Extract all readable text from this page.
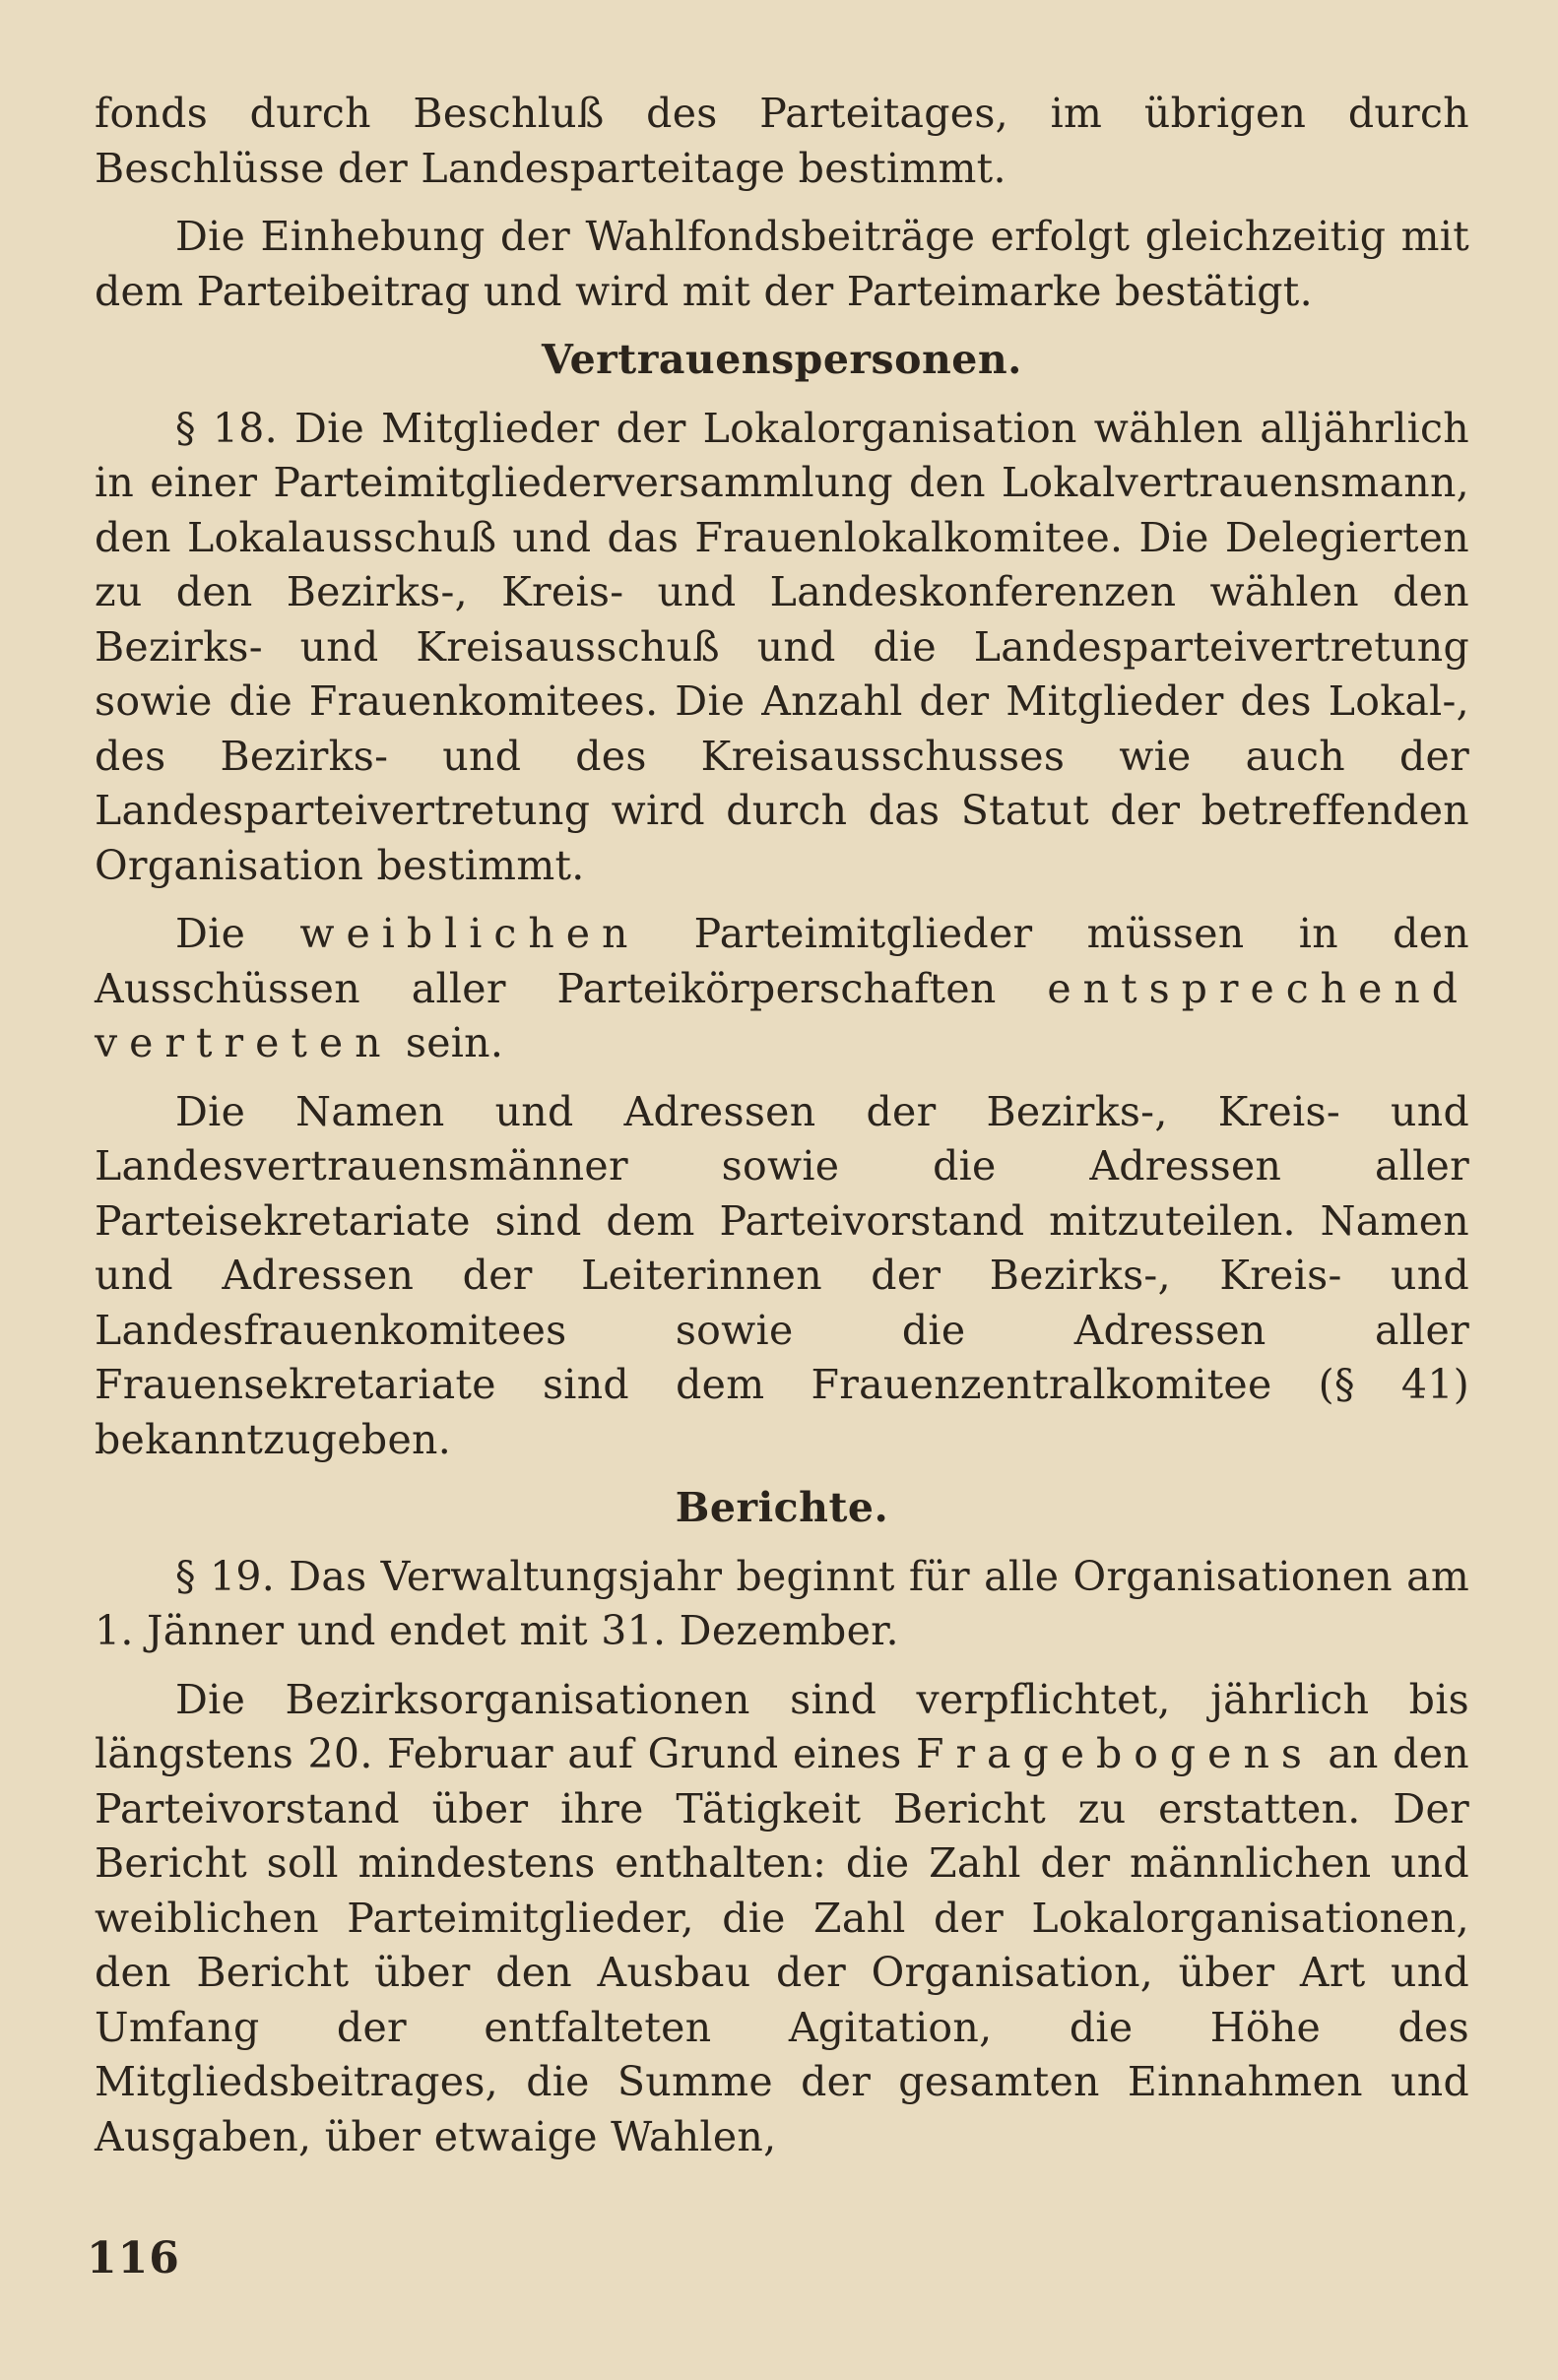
fonds durch Beschluß des Parteitages, im übrigen durch Beschlüsse der Landesparteitage bestimmt.

Die Einhebung der Wahlfondsbeiträge erfolgt gleichzeitig mit dem Parteibeitrag und wird mit der Parteimarke bestätigt.

Vertrauenspersonen.

§ 18. Die Mitglieder der Lokalorganisation wählen alljährlich in einer Parteimitgliederversammlung den Lokalvertrauensmann, den Lokalausschuß und das Frauenlokalkomitee. Die Delegierten zu den Bezirks-, Kreis- und Landeskonferenzen wählen den Bezirks- und Kreisausschuß und die Landesparteivertretung sowie die Frauenkomitees. Die Anzahl der Mitglieder des Lokal-, des Bezirks- und des Kreisausschusses wie auch der Landesparteivertretung wird durch das Statut der betreffenden Organisation bestimmt.

Die weiblichen Parteimitglieder müssen in den Ausschüssen aller Parteikörperschaften entsprechend vertreten sein.

Die Namen und Adressen der Bezirks-, Kreis- und Landesvertrauensmänner sowie die Adressen aller Parteisekretariate sind dem Parteivorstand mitzuteilen. Namen und Adressen der Leiterinnen der Bezirks-, Kreis- und Landesfrauenkomitees sowie die Adressen aller Frauensekretariate sind dem Frauenzentralkomitee (§ 41) bekanntzugeben.

Berichte.

§ 19. Das Verwaltungsjahr beginnt für alle Organisationen am 1. Jänner und endet mit 31. Dezember.

Die Bezirksorganisationen sind verpflichtet, jährlich bis längstens 20. Februar auf Grund eines Fragebogens an den Parteivorstand über ihre Tätigkeit Bericht zu erstatten. Der Bericht soll mindestens enthalten: die Zahl der männlichen und weiblichen Parteimitglieder, die Zahl der Lokalorganisationen, den Bericht über den Ausbau der Organisation, über Art und Umfang der entfalteten Agitation, die Höhe des Mitgliedsbeitrages, die Summe der gesamten Einnahmen und Ausgaben, über etwaige Wahlen,

116
